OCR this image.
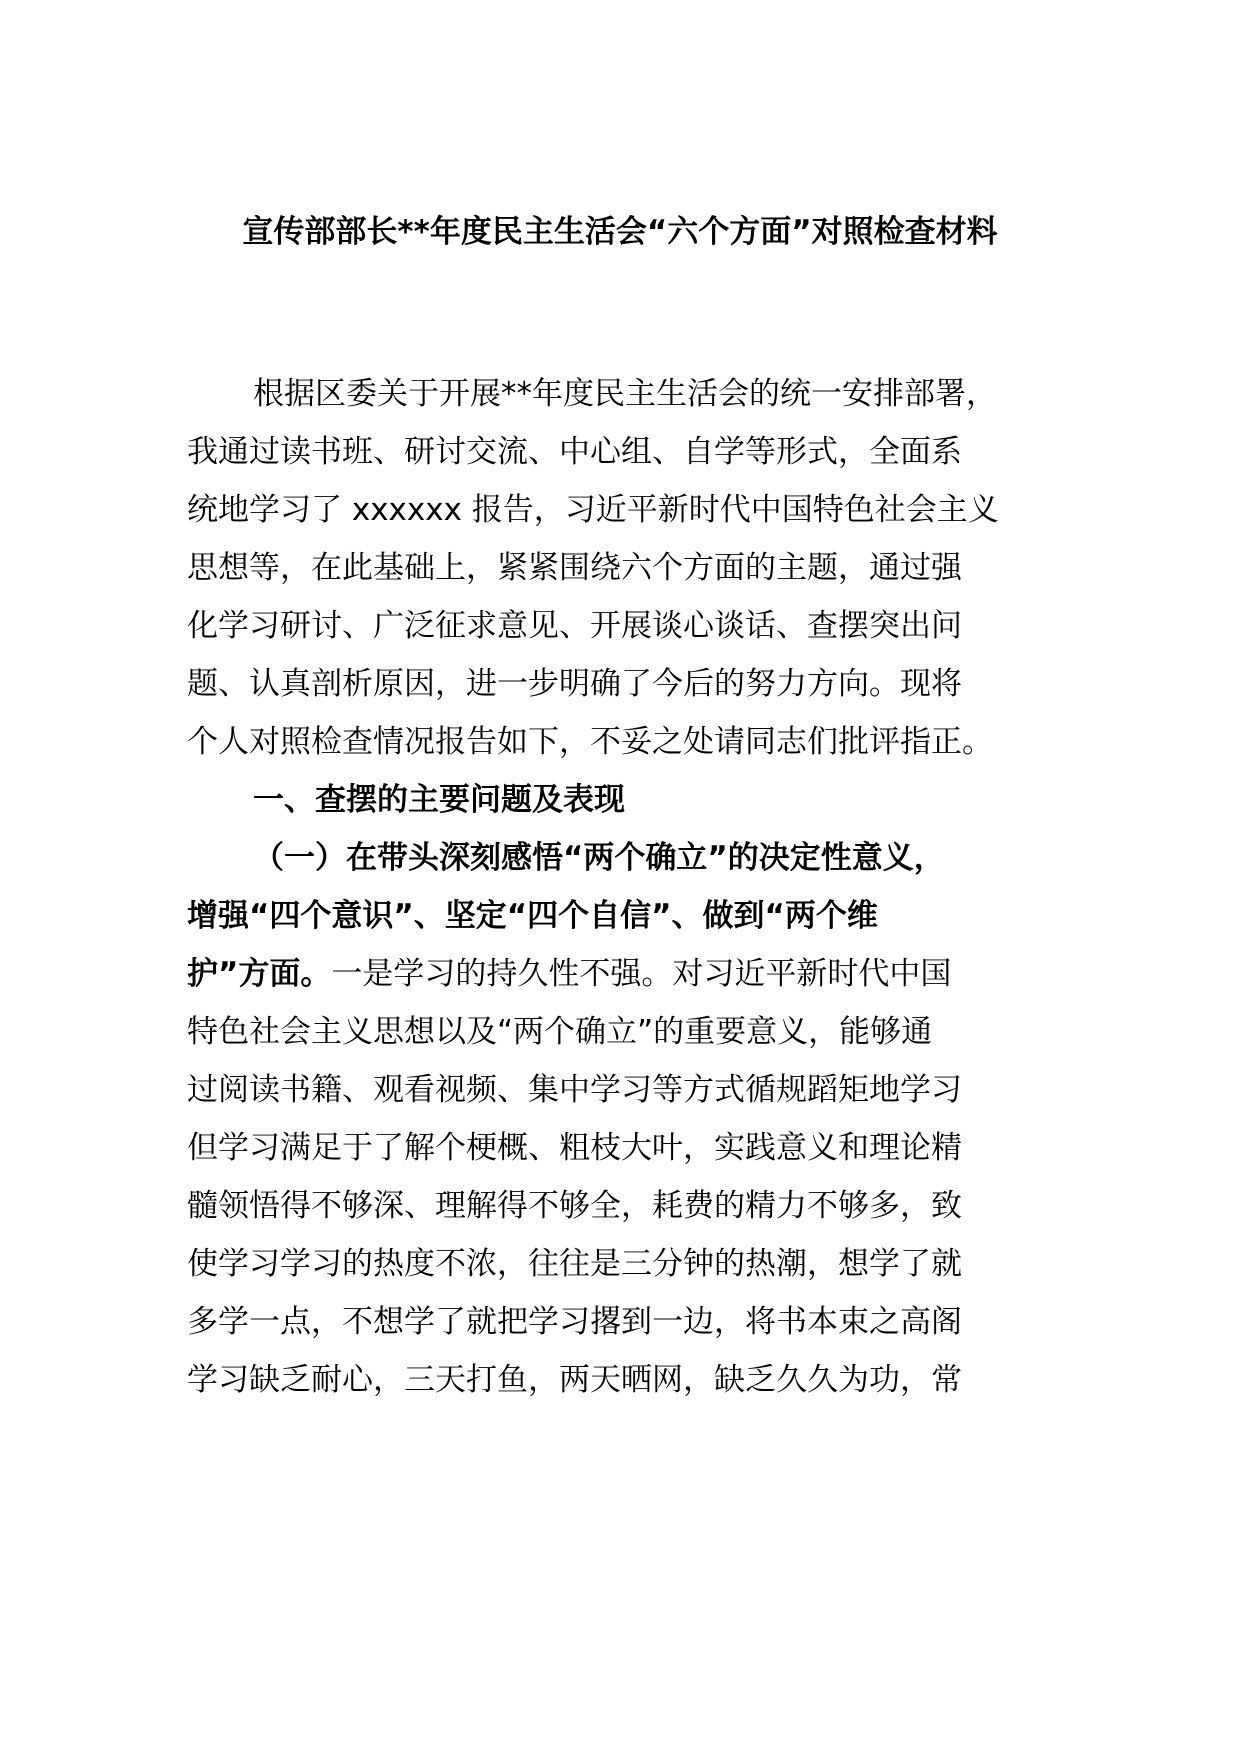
宣传部部长**年度民主生活会“六个方面”对照检查材料
根据区委关于开展**年度民主生活会的统一安排部署，
我通过读书班、研讨交流、中心组、自学等形式，全面系
统地学习了 xxxxxx 报告，习近平新时代中国特色社会主义
思想等，在此基础上，紧紧围绕六个方面的主题，通过强
化学习研讨、广泛征求意见、开展谈心谈话、查摆突出问
题、认真剖析原因，进一步明确了今后的努力方向。现将
个人对照检查情况报告如下，不妥之处请同志们批评指正。
一、查摆的主要问题及表现
（一）在带头深刻感悟“两个确立”的决定性意义，
增强“四个意识”、坚定“四个自信”、做到“两个维
护”方面。一是学习的持久性不强。对习近平新时代中国
特色社会主义思想以及“两个确立”的重要意义，能够通
过阅读书籍、观看视频、集中学习等方式循规蹈矩地学习
但学习满足于了解个梗概、粗枝大叶，实践意义和理论精
髓领悟得不够深、理解得不够全，耗费的精力不够多，致
使学习学习的热度不浓，往往是三分钟的热潮，想学了就
多学一点，不想学了就把学习撂到一边，将书本束之高阁
学习缺乏耐心，三天打鱼，两天晒网，缺乏久久为功，常
